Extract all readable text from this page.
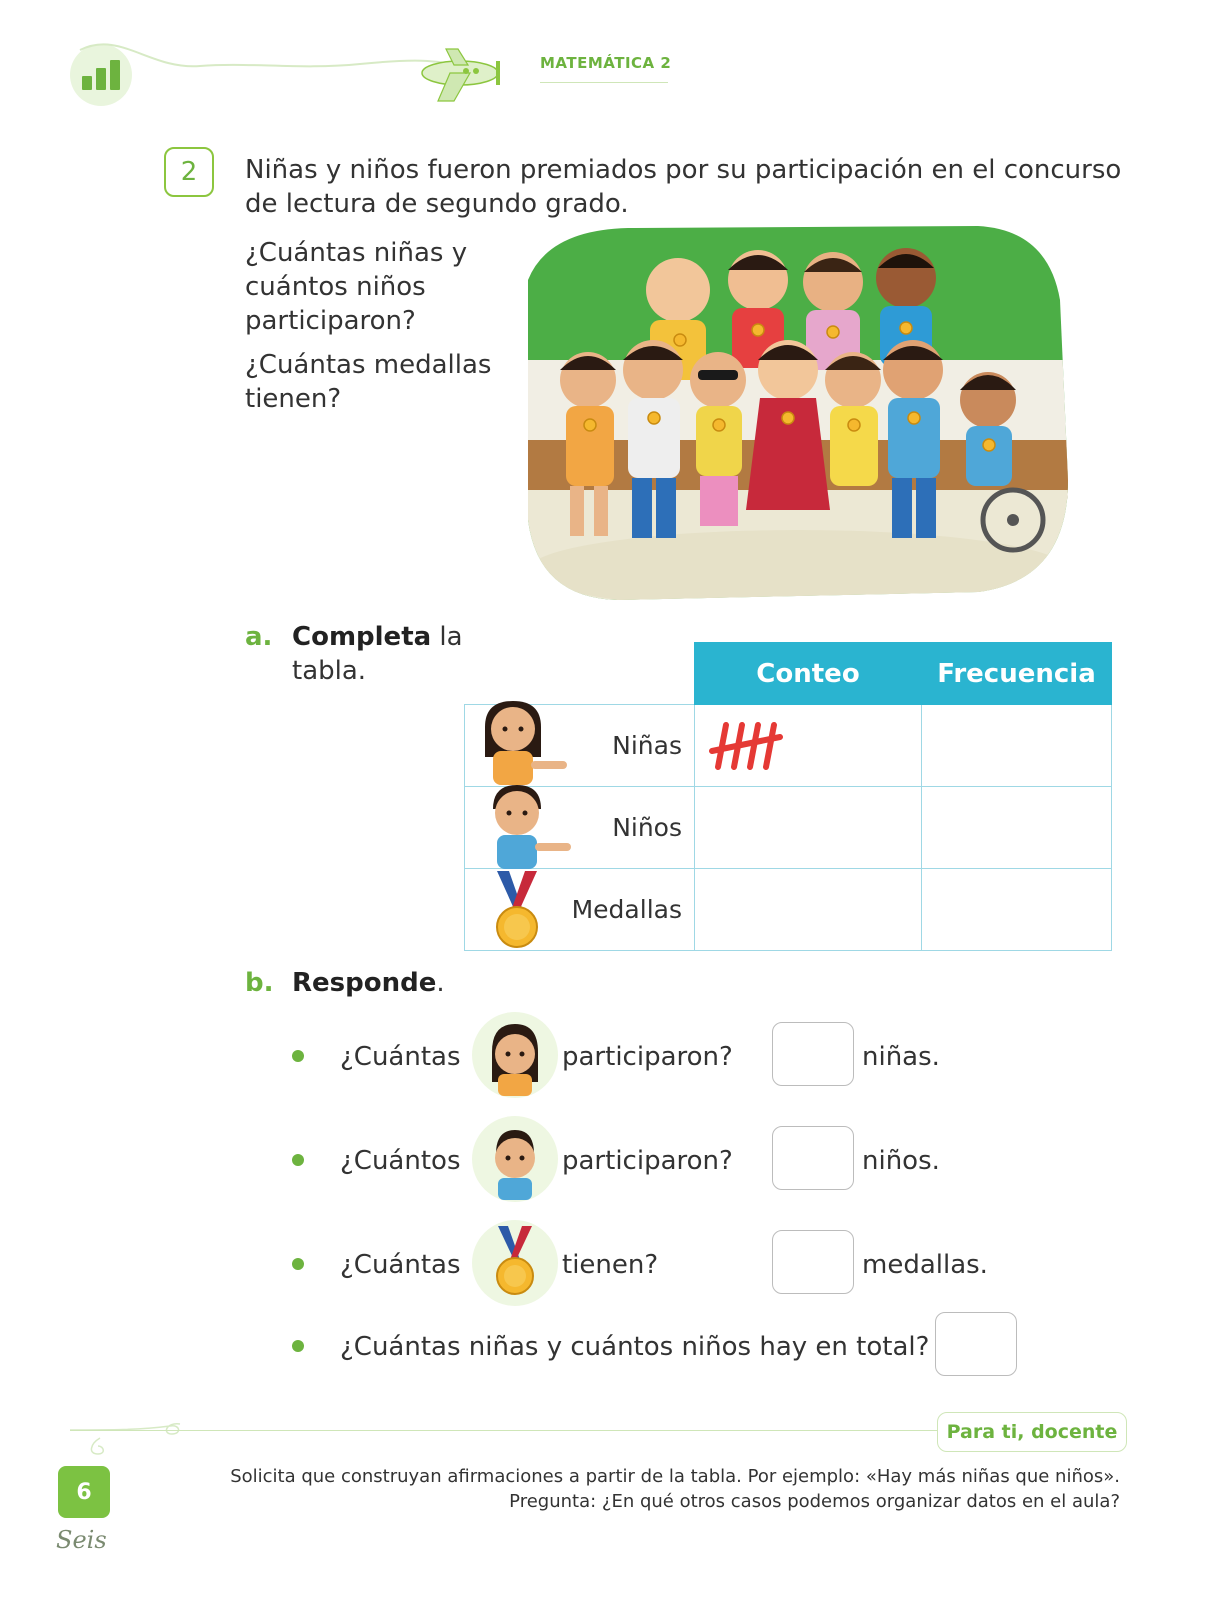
MATEMÁTICA 2
2	Niñas y niños fueron premiados por su participación en el concurso de lectura de segundo grado.
¿Cuántas niñas y cuántos niños participaron?
¿Cuántas medallas tienen?
a. Completa la tabla.
		Conteo	Frecuencia

Niñas		

Niños		

Medallas		
b. Responde.
¿Cuántas	participaron?	niñas.
¿Cuántos	participaron?	niños.
¿Cuántas	tienen?	medallas.
¿Cuántas niñas y cuántos niños hay en total?
Para ti, docente
Solicita que construyan afirmaciones a partir de la tabla. Por ejemplo: «Hay más niñas que niños».
Pregunta: ¿En qué otros casos podemos organizar datos en el aula?
6
Seis
